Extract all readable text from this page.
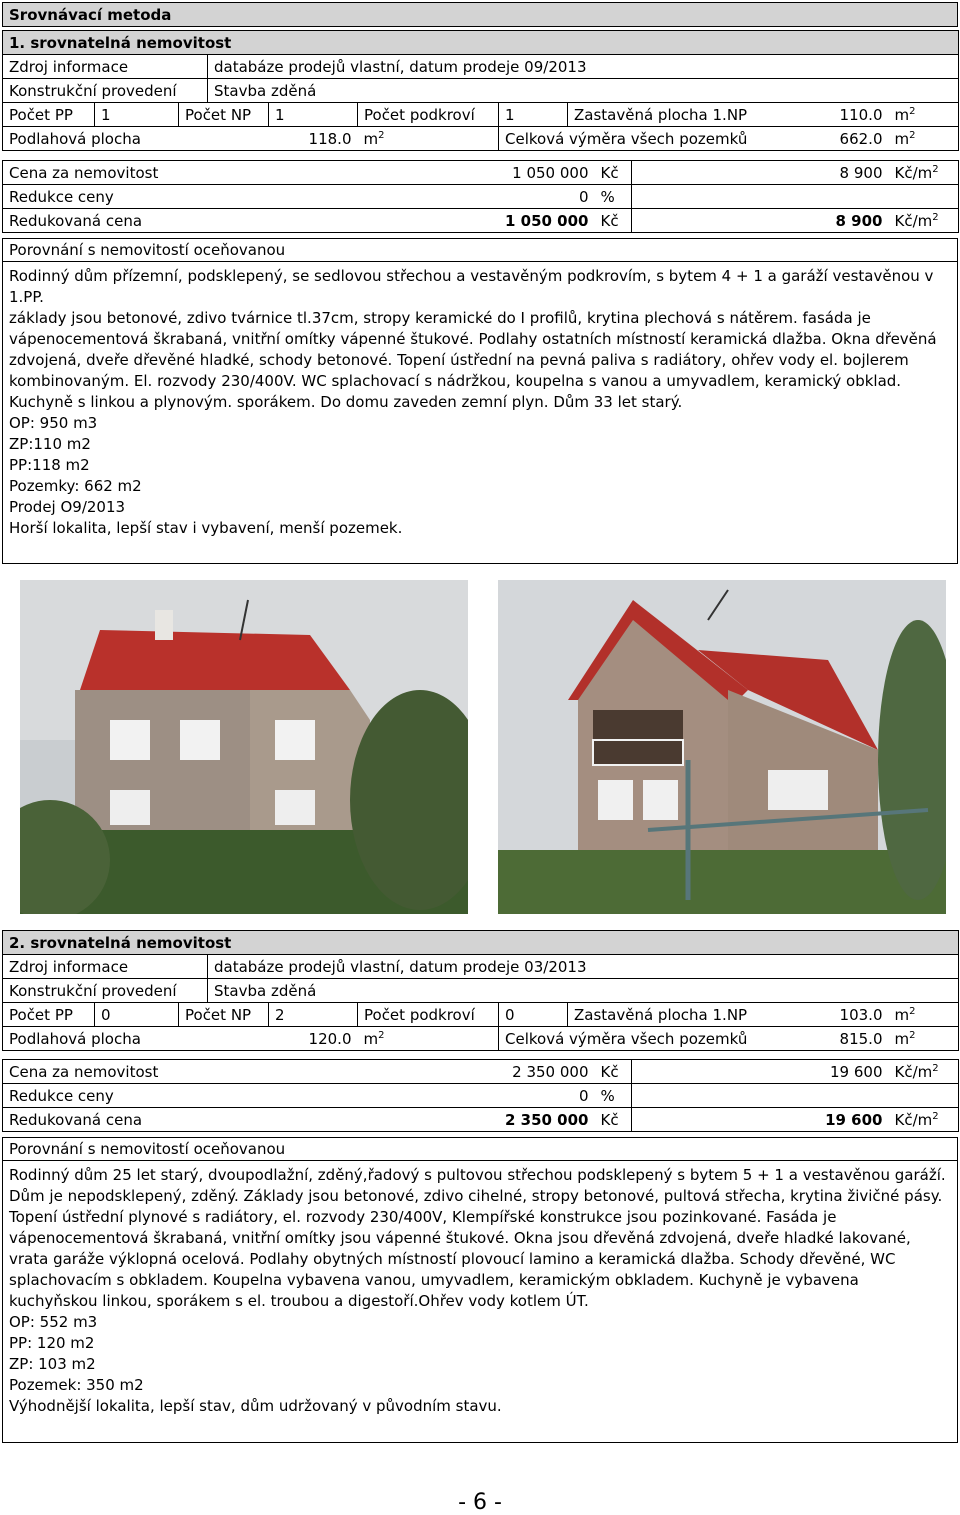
Srovnávací metoda
1. srovnatelná nemovitost									
Zdroj informace			databáze prodejů vlastní, datum prodeje 09/2013						
Konstrukční provedení			Stavba zděná						
Počet PP	1	Počet NP		1	Počet podkroví	1	Zastavěná plocha 1.NP	110.0	$m^2$
Podlahová plocha			118.0		$m^2$	Celková výměra všech pozemků		662.0	$m^2$
Cena za nemovitost	1 050 000	Kč	8 900	$Kč/m^2$
Redukce ceny	0	%		
Redukovaná cena	1 050 000	Kč	8 900	$Kč/m^2$
Porovnání s nemovitostí oceňovanou

Rodinný dům přízemní, podsklepený, se sedlovou střechou a vestavěným podkrovím, s bytem 4 + 1 a garáží vestavěnou v 1.PP.

základy jsou betonové, zdivo tvárnice tl.37cm, stropy keramické do I profilů, krytina plechová s nátěrem. fasáda je vápenocementová škrabaná, vnitřní omítky vápenné štukové. Podlahy ostatních místností keramická dlažba. Okna dřevěná zdvojená, dveře dřevěné hladké, schody betonové. Topení ústřední na pevná paliva s radiátory, ohřev vody el. bojlerem kombinovaným. El. rozvody 230/400V. WC splachovací s nádržkou, koupelna s vanou a umyvadlem, keramický obklad. Kuchyně s linkou a plynovým. sporákem. Do domu zaveden zemní plyn. Dům 33 let starý.

OP: 950 m3

ZP:110 m2

PP:118 m2

Pozemky: 662 m2

Prodej O9/2013

Horší lokalita, lepší stav i vybavení, menší pozemek.

2. srovnatelná nemovitost									
Zdroj informace			databáze prodejů vlastní, datum prodeje 03/2013						
Konstrukční provedení			Stavba zděná						
Počet PP	0	Počet NP		2	Počet podkroví	0	Zastavěná plocha 1.NP	103.0	$m^2$
Podlahová plocha			120.0		$m^2$	Celková výměra všech pozemků		815.0	$m^2$
Cena za nemovitost	2 350 000	Kč	19 600	$Kč/m^2$
Redukce ceny	0	%		
Redukovaná cena	2 350 000	Kč	19 600	$Kč/m^2$
Porovnání s nemovitostí oceňovanou

Rodinný dům 25 let starý, dvoupodlažní, zděný,řadový s pultovou střechou podsklepený s bytem 5 + 1 a vestavěnou garáží. Dům je nepodsklepený, zděný. Základy jsou betonové, zdivo cihelné, stropy betonové, pultová střecha, krytina živičné pásy. Topení ústřední plynové s radiátory, el. rozvody 230/400V, Klempířské konstrukce jsou pozinkované. Fasáda je vápenocementová škrabaná, vnitřní omítky jsou vápenné štukové. Okna jsou dřevěná zdvojená, dveře hladké lakované, vrata garáže výklopná ocelová. Podlahy obytných místností plovoucí lamino a keramická dlažba. Schody dřevěné, WC splachovacím s obkladem. Koupelna vybavena vanou, umyvadlem, keramickým obkladem. Kuchyně je vybavena kuchyňskou linkou, sporákem s el. troubou a digestoří.Ohřev vody kotlem ÚT.

OP: 552 m3

PP: 120 m2

ZP: 103 m2

Pozemek: 350 m2

Výhodnější lokalita, lepší stav, dům udržovaný v původním stavu.

- 6 -
